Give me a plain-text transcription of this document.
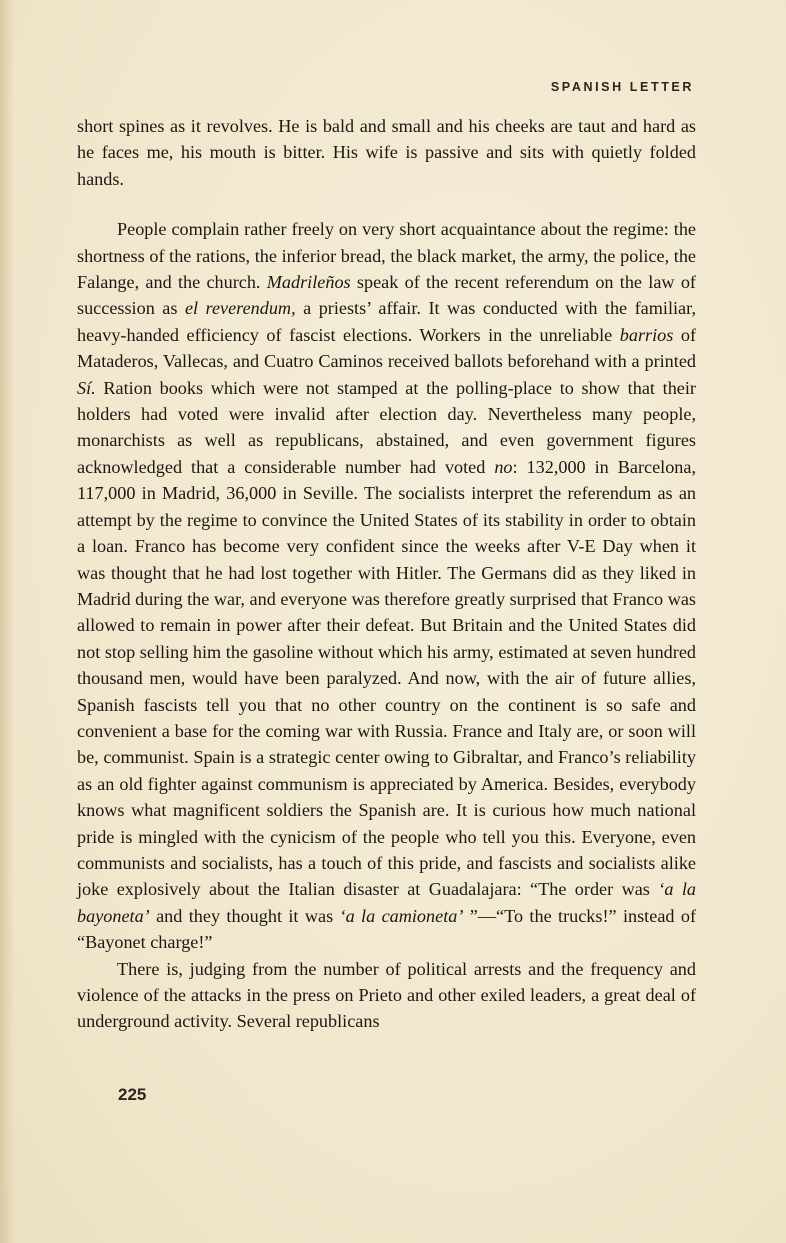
SPANISH LETTER

short spines as it revolves. He is bald and small and his cheeks are taut and hard as he faces me, his mouth is bitter. His wife is passive and sits with quietly folded hands.

People complain rather freely on very short acquaintance about the regime: the shortness of the rations, the inferior bread, the black market, the army, the police, the Falange, and the church. Madrileños speak of the recent referendum on the law of succession as el reverendum, a priests’ affair. It was conducted with the familiar, heavy-handed efficiency of fascist elections. Workers in the unreliable barrios of Mataderos, Vallecas, and Cuatro Caminos received ballots beforehand with a printed Sí. Ration books which were not stamped at the polling-place to show that their holders had voted were invalid after election day. Nevertheless many people, monarchists as well as republicans, abstained, and even government figures acknowledged that a considerable number had voted no: 132,000 in Barcelona, 117,000 in Madrid, 36,000 in Seville. The socialists interpret the referendum as an attempt by the regime to convince the United States of its stability in order to obtain a loan. Franco has become very confident since the weeks after V-E Day when it was thought that he had lost together with Hitler. The Germans did as they liked in Madrid during the war, and everyone was therefore greatly surprised that Franco was allowed to remain in power after their defeat. But Britain and the United States did not stop selling him the gasoline without which his army, estimated at seven hundred thousand men, would have been paralyzed. And now, with the air of future allies, Spanish fascists tell you that no other country on the continent is so safe and convenient a base for the coming war with Russia. France and Italy are, or soon will be, communist. Spain is a strategic center owing to Gibraltar, and Franco’s reliability as an old fighter against communism is appreciated by America. Besides, everybody knows what magnificent soldiers the Spanish are. It is curious how much national pride is mingled with the cynicism of the people who tell you this. Everyone, even communists and socialists, has a touch of this pride, and fascists and socialists alike joke explosively about the Italian disaster at Guadalajara: “The order was ‘a la bayoneta’ and they thought it was ‘a la camioneta’ ”—“To the trucks!” instead of “Bayonet charge!”

There is, judging from the number of political arrests and the frequency and violence of the attacks in the press on Prieto and other exiled leaders, a great deal of underground activity. Several republicans

225
